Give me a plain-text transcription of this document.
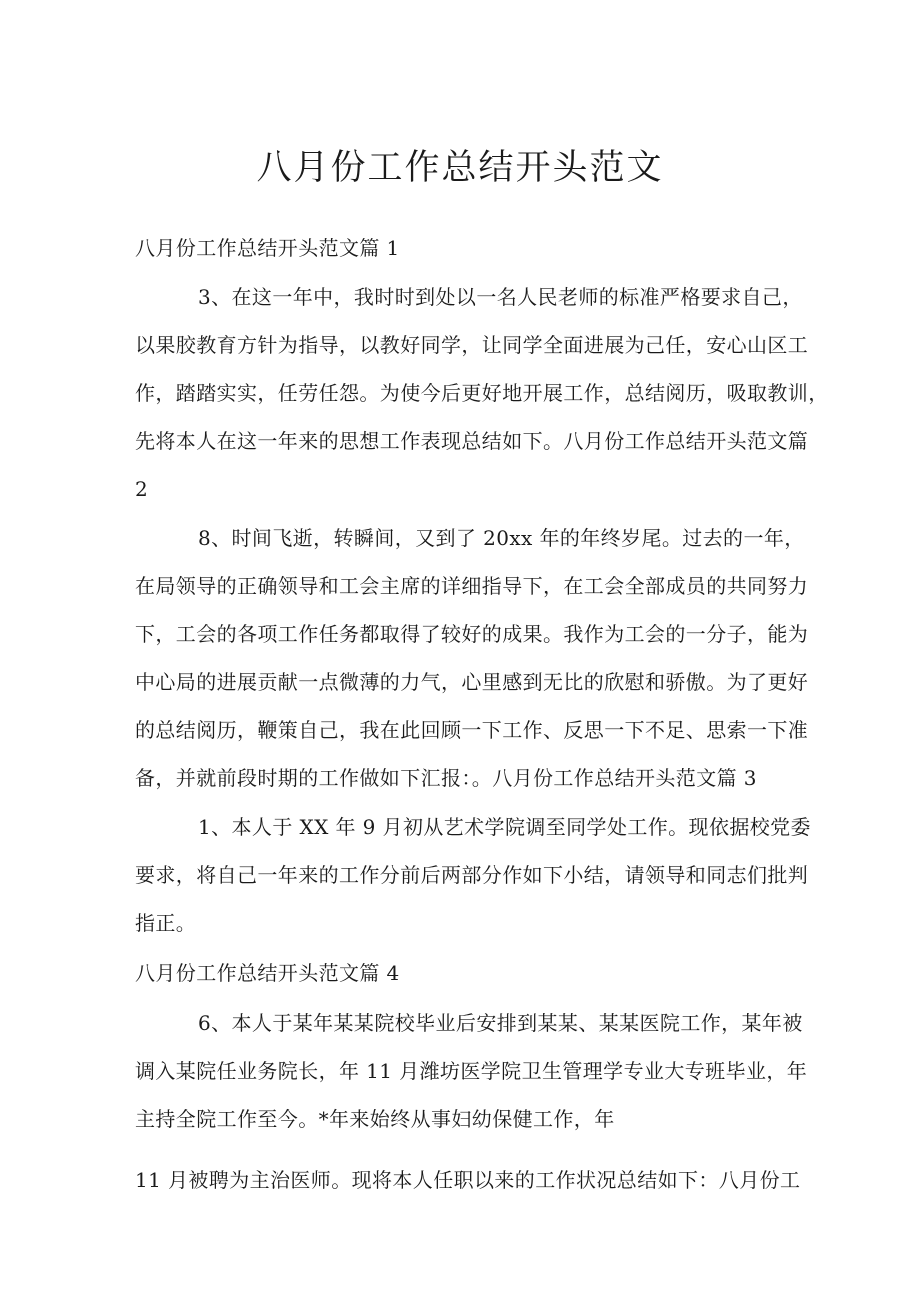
八月份工作总结开头范文
八月份工作总结开头范文篇 1
3、在这一年中，我时时到处以一名人民老师的标准严格要求自己，
以果胶教育方针为指导，以教好同学，让同学全面进展为己任，安心山区工
作，踏踏实实，任劳任怨。为使今后更好地开展工作，总结阅历，吸取教训，
先将本人在这一年来的思想工作表现总结如下。八月份工作总结开头范文篇
2
8、时间飞逝，转瞬间，又到了 20xx 年的年终岁尾。过去的一年，
在局领导的正确领导和工会主席的详细指导下，在工会全部成员的共同努力
下，工会的各项工作任务都取得了较好的成果。我作为工会的一分子，能为
中心局的进展贡献一点微薄的力气，心里感到无比的欣慰和骄傲。为了更好
的总结阅历，鞭策自己，我在此回顾一下工作、反思一下不足、思索一下准
备，并就前段时期的工作做如下汇报：。八月份工作总结开头范文篇 3
1、本人于 XX 年 9 月初从艺术学院调至同学处工作。现依据校党委
要求，将自己一年来的工作分前后两部分作如下小结，请领导和同志们批判
指正。
八月份工作总结开头范文篇 4
6、本人于某年某某院校毕业后安排到某某、某某医院工作，某年被
调入某院任业务院长，年 11 月潍坊医学院卫生管理学专业大专班毕业，年
主持全院工作至今。*年来始终从事妇幼保健工作，年
11 月被聘为主治医师。现将本人任职以来的工作状况总结如下：八月份工
